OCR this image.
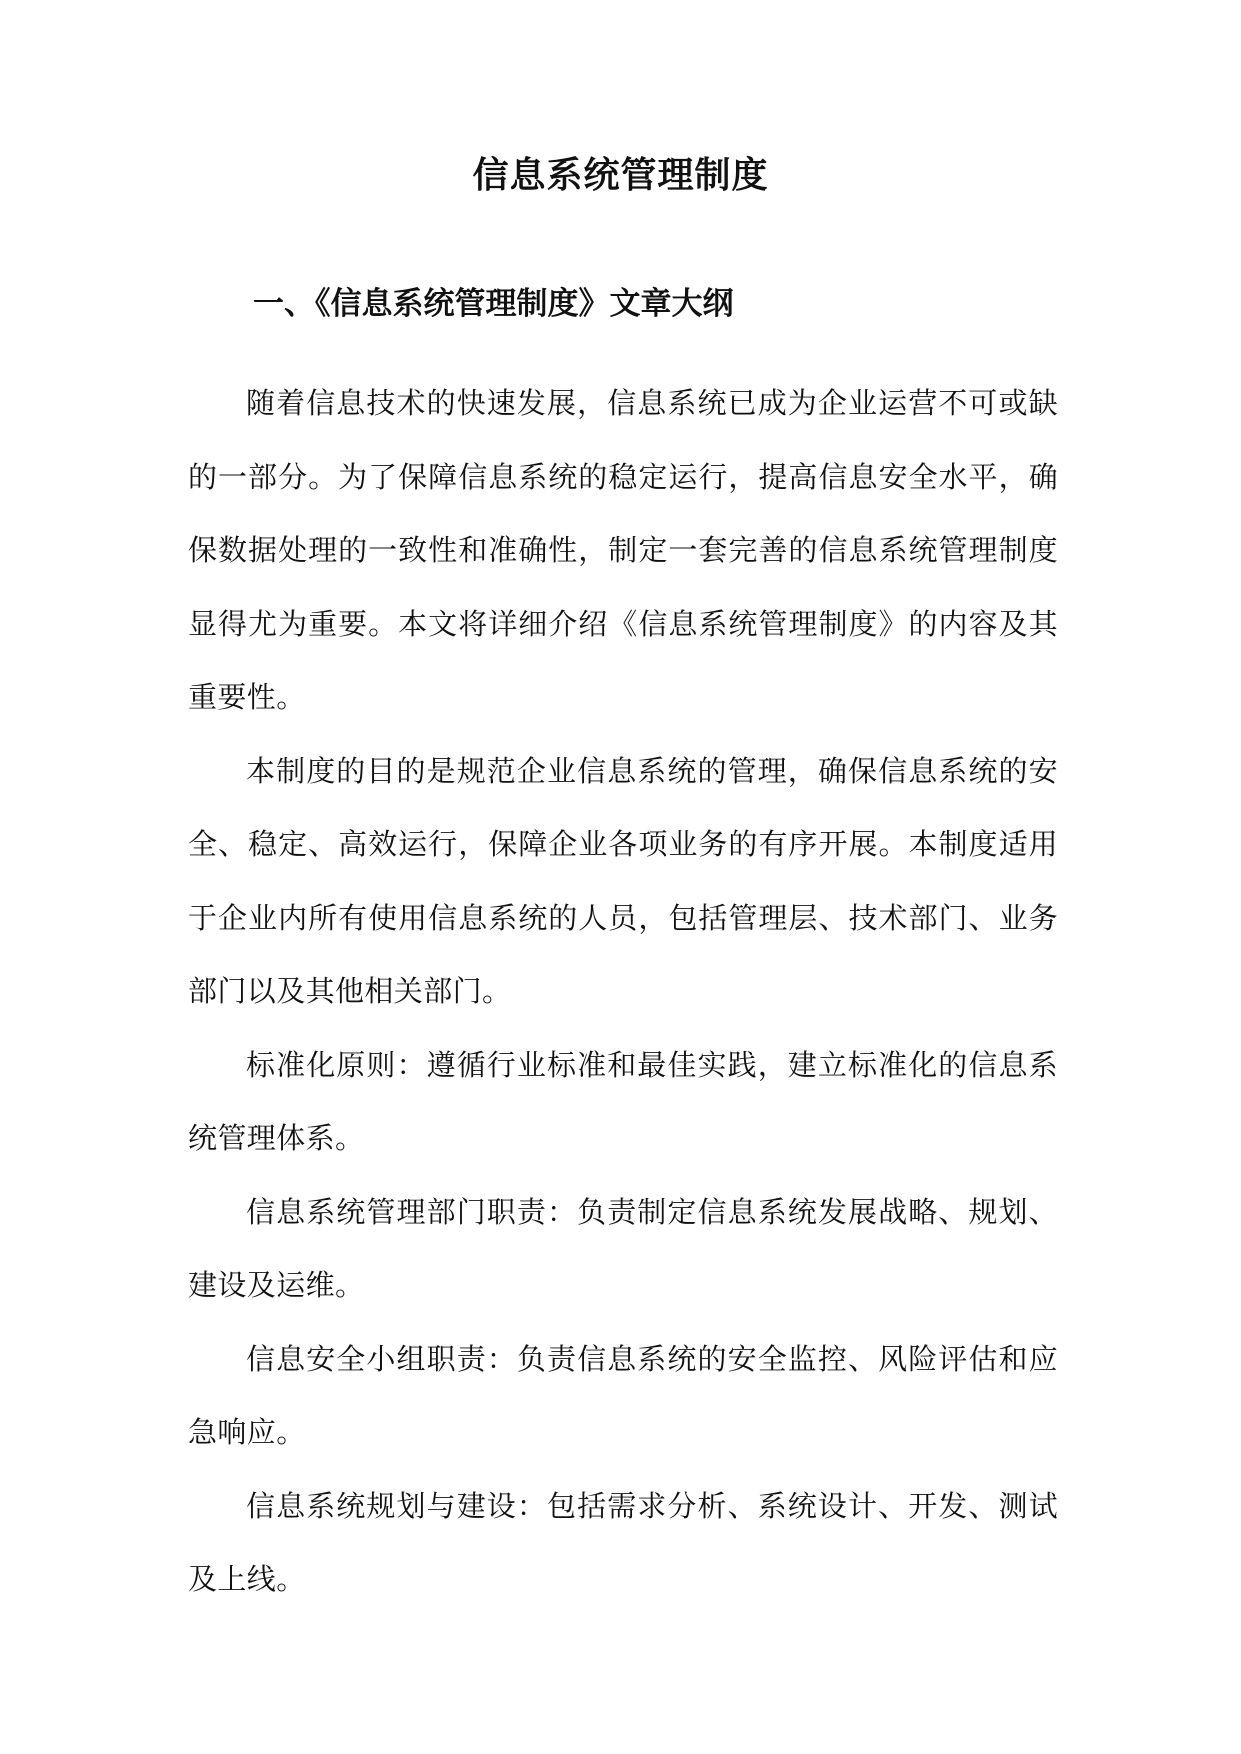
信息系统管理制度
一、《信息系统管理制度》文章大纲

随着信息技术的快速发展，信息系统已成为企业运营不可或缺的一部分。为了保障信息系统的稳定运行，提高信息安全水平，确保数据处理的一致性和准确性，制定一套完善的信息系统管理制度显得尤为重要。本文将详细介绍《信息系统管理制度》的内容及其重要性。

本制度的目的是规范企业信息系统的管理，确保信息系统的安全、稳定、高效运行，保障企业各项业务的有序开展。本制度适用于企业内所有使用信息系统的人员，包括管理层、技术部门、业务部门以及其他相关部门。

标准化原则：遵循行业标准和最佳实践，建立标准化的信息系统管理体系。

信息系统管理部门职责：负责制定信息系统发展战略、规划、建设及运维。

信息安全小组职责：负责信息系统的安全监控、风险评估和应急响应。

信息系统规划与建设：包括需求分析、系统设计、开发、测试及上线。
